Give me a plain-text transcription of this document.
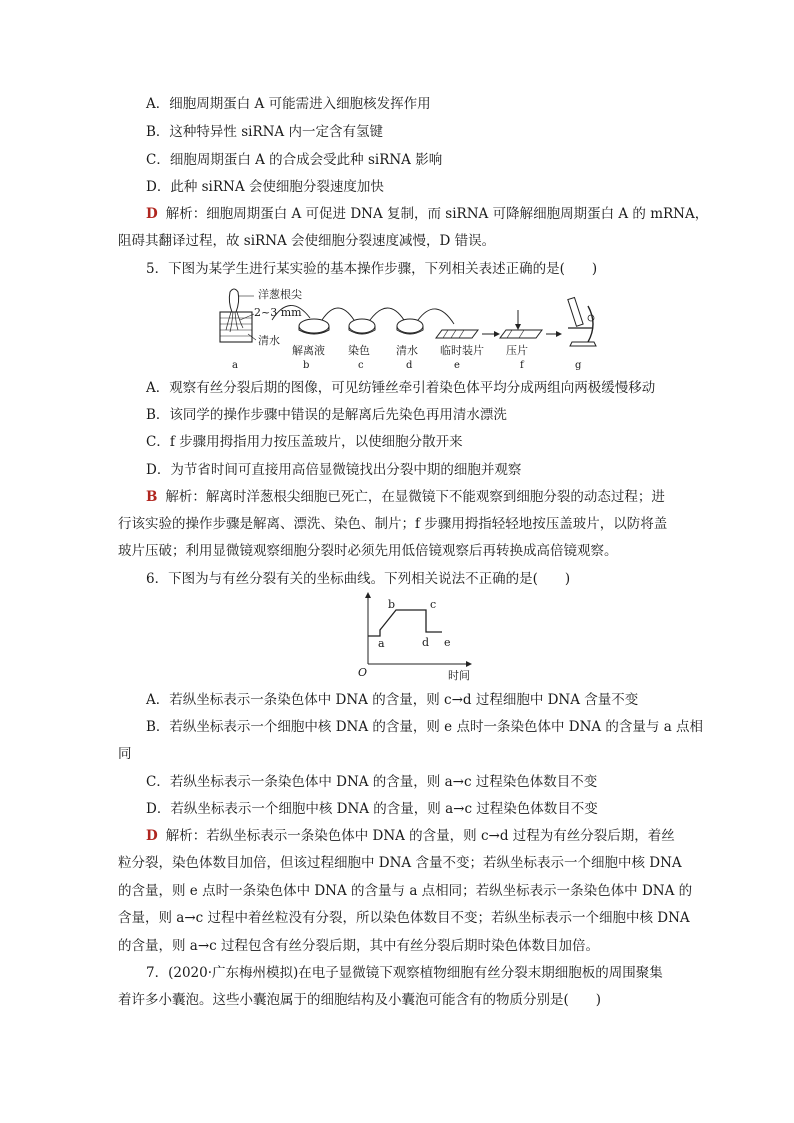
A．细胞周期蛋白 A 可能需进入细胞核发挥作用
B．这种特异性 siRNA 内一定含有氢键
C．细胞周期蛋白 A 的合成会受此种 siRNA 影响
D．此种 siRNA 会使细胞分裂速度加快
D 解析：细胞周期蛋白 A 可促进 DNA 复制，而 siRNA 可降解细胞周期蛋白 A 的 mRNA，
阻碍其翻译过程，故 siRNA 会使细胞分裂速度减慢，D 错误。
5．下图为某学生进行某实验的基本操作步骤，下列相关表述正确的是(　　)
洋葱根尖
2~3 mm
清水
解离液 染色 清水 临时装片 压片
a	b	c	d	e	f	g
A．观察有丝分裂后期的图像，可见纺锤丝牵引着染色体平均分成两组向两极缓慢移动
B．该同学的操作步骤中错误的是解离后先染色再用清水漂洗
C．f 步骤用拇指用力按压盖玻片，以使细胞分散开来
D．为节省时间可直接用高倍显微镜找出分裂中期的细胞并观察
B 解析：解离时洋葱根尖细胞已死亡，在显微镜下不能观察到细胞分裂的动态过程；进
行该实验的操作步骤是解离、漂洗、染色、制片；f 步骤用拇指轻轻地按压盖玻片，以防将盖
玻片压破；利用显微镜观察细胞分裂时必须先用低倍镜观察后再转换成高倍镜观察。
6．下图为与有丝分裂有关的坐标曲线。下列相关说法不正确的是(　　)
a
b	c
d e
O	时间
A．若纵坐标表示一条染色体中 DNA 的含量，则 c→d 过程细胞中 DNA 含量不变
B．若纵坐标表示一个细胞中核 DNA 的含量，则 e 点时一条染色体中 DNA 的含量与 a 点相
同
C．若纵坐标表示一条染色体中 DNA 的含量，则 a→c 过程染色体数目不变
D．若纵坐标表示一个细胞中核 DNA 的含量，则 a→c 过程染色体数目不变
D 解析：若纵坐标表示一条染色体中 DNA 的含量，则 c→d 过程为有丝分裂后期，着丝
粒分裂，染色体数目加倍，但该过程细胞中 DNA 含量不变；若纵坐标表示一个细胞中核 DNA
的含量，则 e 点时一条染色体中 DNA 的含量与 a 点相同；若纵坐标表示一条染色体中 DNA 的
含量，则 a→c 过程中着丝粒没有分裂，所以染色体数目不变；若纵坐标表示一个细胞中核 DNA
的含量，则 a→c 过程包含有丝分裂后期，其中有丝分裂后期时染色体数目加倍。
7．(2020·广东梅州模拟)在电子显微镜下观察植物细胞有丝分裂末期细胞板的周围聚集
着许多小囊泡。这些小囊泡属于的细胞结构及小囊泡可能含有的物质分别是(　　)
